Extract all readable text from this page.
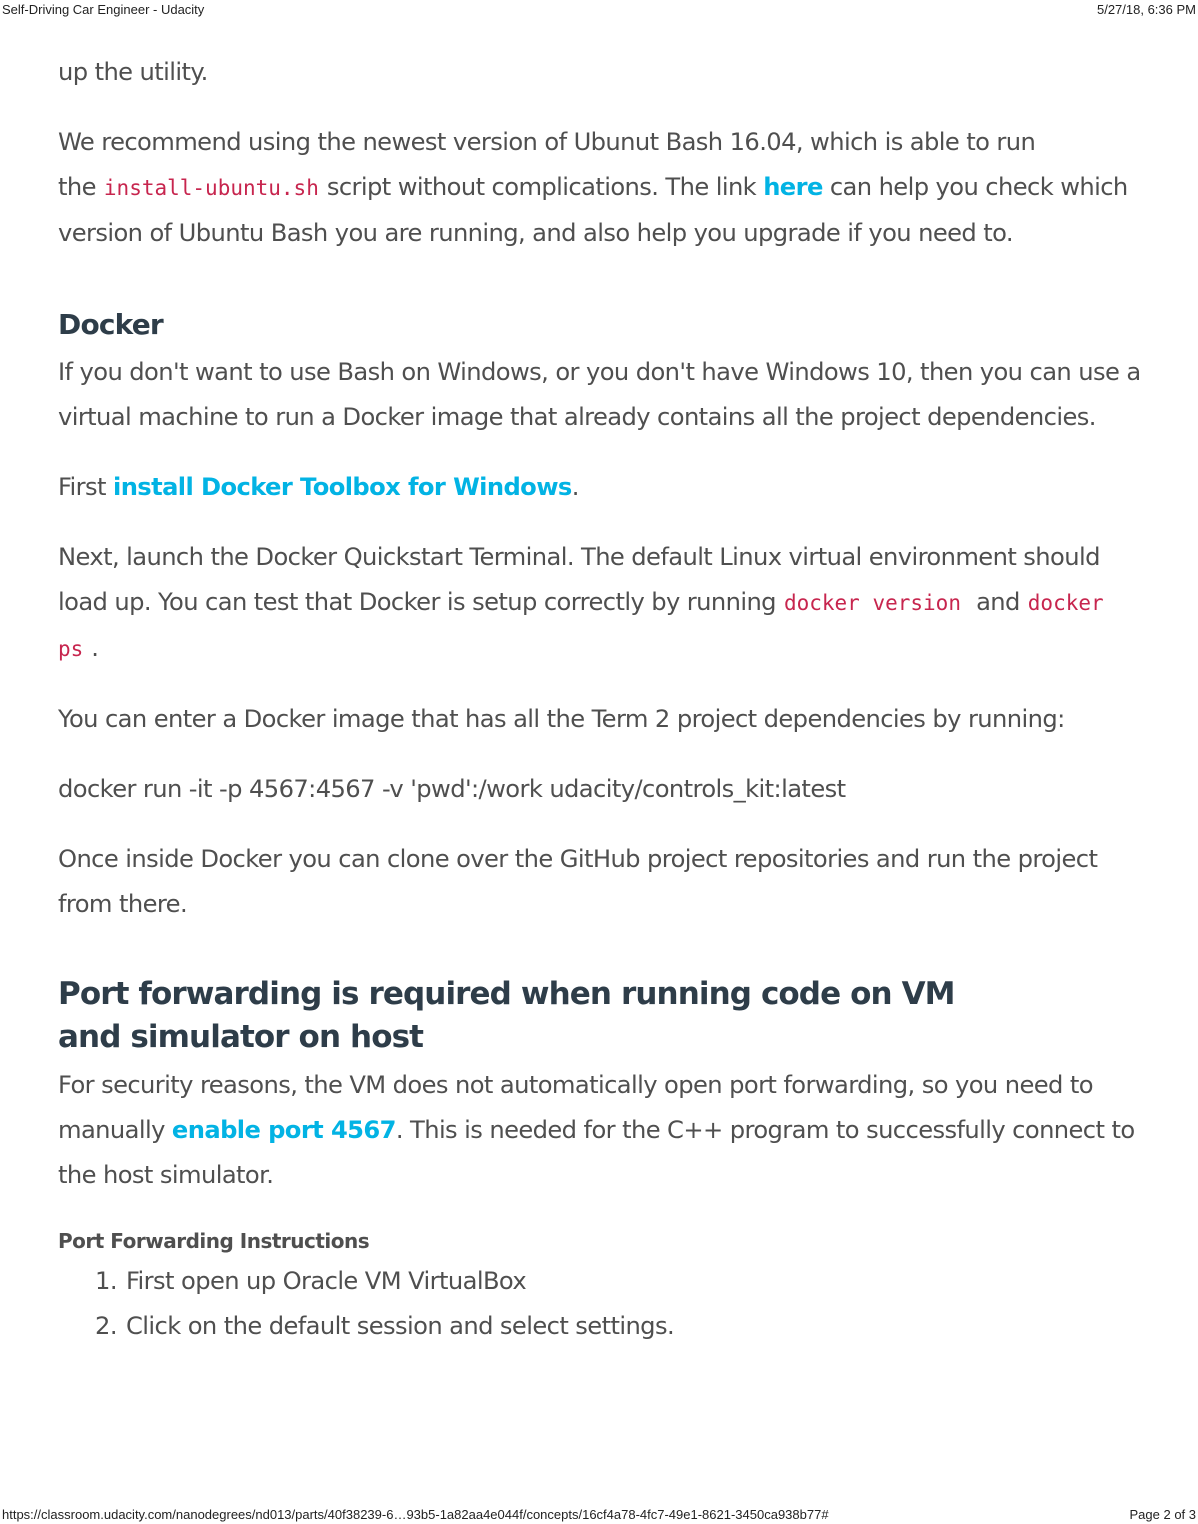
Self-Driving Car Engineer - Udacity	5/27/18, 6:36 PM

up the utility.

We recommend using the newest version of Ubunut Bash 16.04, which is able to run the install-ubuntu.sh script without complications. The link here can help you check which version of Ubuntu Bash you are running, and also help you upgrade if you need to.

Docker

If you don't want to use Bash on Windows, or you don't have Windows 10, then you can use a virtual machine to run a Docker image that already contains all the project dependencies.

First install Docker Toolbox for Windows.

Next, launch the Docker Quickstart Terminal. The default Linux virtual environment should load up. You can test that Docker is setup correctly by running docker version and docker ps .

You can enter a Docker image that has all the Term 2 project dependencies by running:

docker run -it -p 4567:4567 -v 'pwd':/work udacity/controls_kit:latest

Once inside Docker you can clone over the GitHub project repositories and run the project from there.

Port forwarding is required when running code on VM and simulator on host

For security reasons, the VM does not automatically open port forwarding, so you need to manually enable port 4567. This is needed for the C++ program to successfully connect to the host simulator.

Port Forwarding Instructions
1. First open up Oracle VM VirtualBox
2. Click on the default session and select settings.
https://classroom.udacity.com/nanodegrees/nd013/parts/40f38239-6…93b5-1a82aa4e044f/concepts/16cf4a78-4fc7-49e1-8621-3450ca938b77#	Page 2 of 3
